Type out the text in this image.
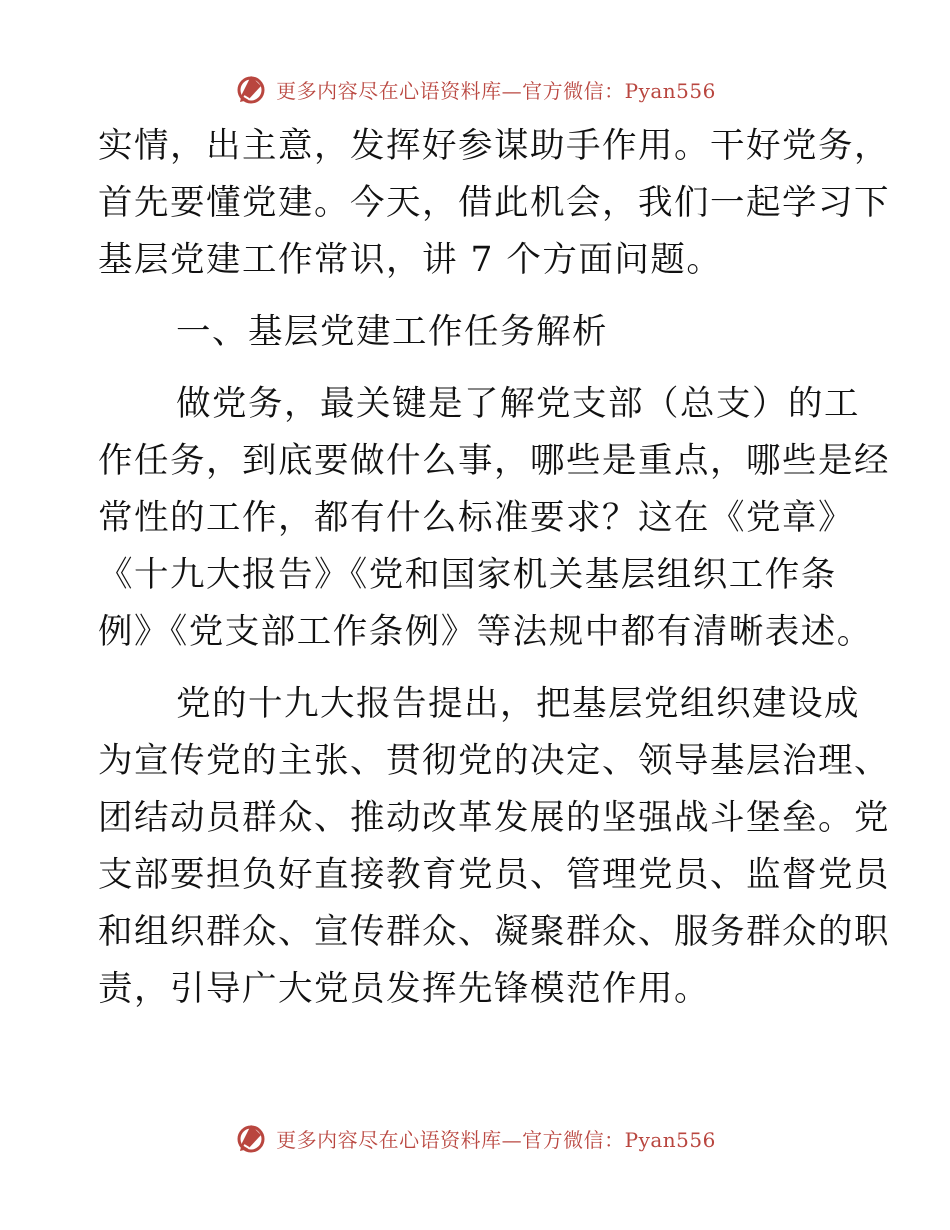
更多内容尽在心语资料库—官方微信：Pyan556

实情，出主意，发挥好参谋助手作用。干好党务，
首先要懂党建。今天，借此机会，我们一起学习下
基层党建工作常识，讲 7 个方面问题。

一、基层党建工作任务解析

做党务，最关键是了解党支部（总支）的工
作任务，到底要做什么事，哪些是重点，哪些是经
常性的工作，都有什么标准要求？这在《党章》
《十九大报告》《党和国家机关基层组织工作条
例》《党支部工作条例》等法规中都有清晰表述。

党的十九大报告提出，把基层党组织建设成
为宣传党的主张、贯彻党的决定、领导基层治理、
团结动员群众、推动改革发展的坚强战斗堡垒。党
支部要担负好直接教育党员、管理党员、监督党员
和组织群众、宣传群众、凝聚群众、服务群众的职
责，引导广大党员发挥先锋模范作用。

更多内容尽在心语资料库—官方微信：Pyan556
